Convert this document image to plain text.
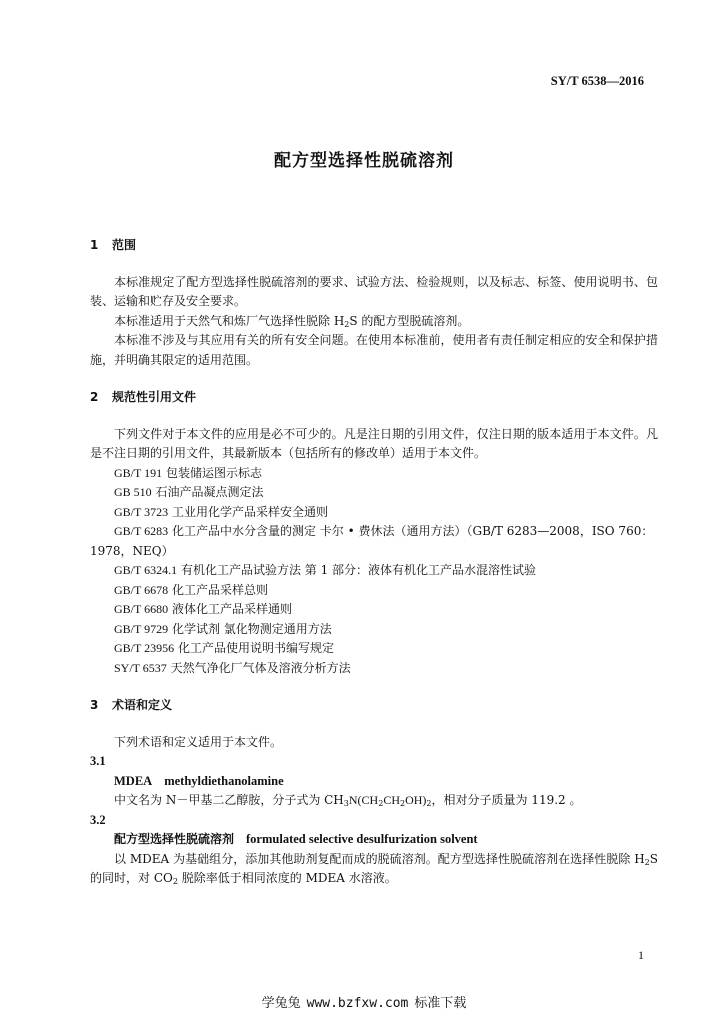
SY/T 6538—2016
配方型选择性脱硫溶剂
1 范围

本标准规定了配方型选择性脱硫溶剂的要求、试验方法、检验规则，以及标志、标签、使用说明书、包装、运输和贮存及安全要求。

本标准适用于天然气和炼厂气选择性脱除 $H_2S$ 的配方型脱硫溶剂。

本标准不涉及与其应用有关的所有安全问题。在使用本标准前，使用者有责任制定相应的安全和保护措施，并明确其限定的适用范围。

2 规范性引用文件

下列文件对于本文件的应用是必不可少的。凡是注日期的引用文件，仅注日期的版本适用于本文件。凡是不注日期的引用文件，其最新版本（包括所有的修改单）适用于本文件。

GB/T 191 包装储运图示标志
GB 510 石油产品凝点测定法
GB/T 3723 工业用化学产品采样安全通则
GB/T 6283 化工产品中水分含量的测定 卡尔 • 费休法（通用方法）（GB/T 6283—2008，ISO 760：1978，NEQ）
GB/T 6324.1 有机化工产品试验方法 第 1 部分：液体有机化工产品水混溶性试验
GB/T 6678 化工产品采样总则
GB/T 6680 液体化工产品采样通则
GB/T 9729 化学试剂 氯化物测定通用方法
GB/T 23956 化工产品使用说明书编写规定
SY/T 6537 天然气净化厂气体及溶液分析方法
3 术语和定义

下列术语和定义适用于本文件。

3.1
MDEA methyldiethanolamine

中文名为 N－甲基二乙醇胺，分子式为 $CH_3N(CH_2CH_2OH)_2$，相对分子质量为 119.2 。

3.2
配方型选择性脱硫溶剂 formulated selective desulfurization solvent

以 MDEA 为基础组分，添加其他助剂复配而成的脱硫溶剂。配方型选择性脱硫溶剂在选择性脱除 $H_2S$ 的同时，对 $CO_2$ 脱除率低于相同浓度的 MDEA 水溶液。

1
学兔兔 www.bzfxw.com 标准下载
